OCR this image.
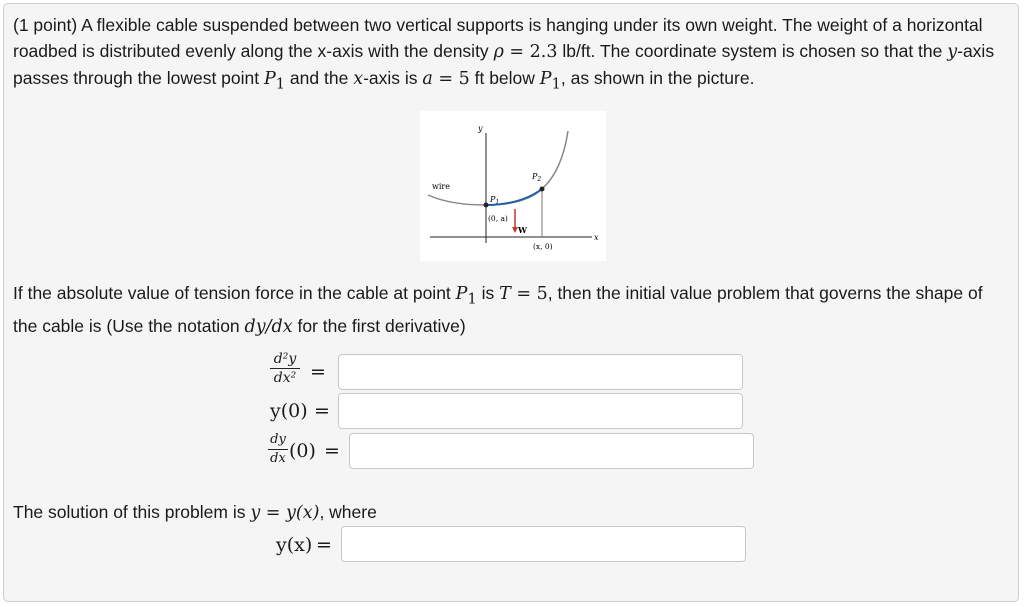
(1 point) A flexible cable suspended between two vertical supports is hanging under its own weight. The weight of a horizontal roadbed is distributed evenly along the x-axis with the density ρ = 2.3 lb/ft. The coordinate system is chosen so that the y-axis passes through the lowest point $P_1$ and the x-axis is a = 5 ft below $P_1$, as shown in the picture.

y
x
wire
$P_2$
$P_1$
(0, a)
W
(x, 0)

If the absolute value of tension force in the cable at point $P_1$ is T = 5, then the initial value problem that governs the shape of the cable is (Use the notation dy/dx for the first derivative)

d²y
dx² =
y(0) =
dy
dx (0) =

The solution of this problem is y = y(x), where

y(x) =
